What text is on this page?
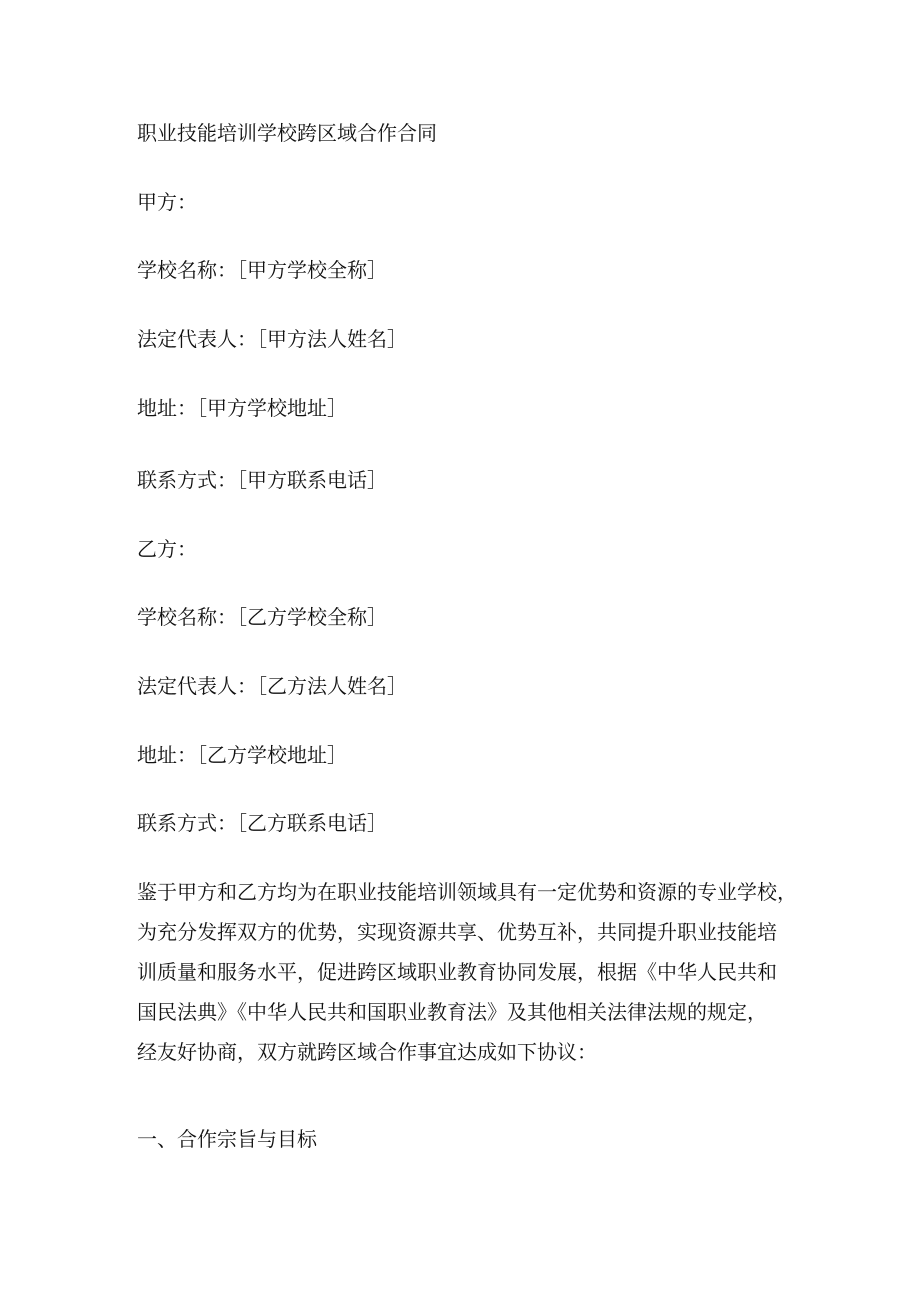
职业技能培训学校跨区域合作合同
甲方：
学校名称：［甲方学校全称］
法定代表人：［甲方法人姓名］
地址：［甲方学校地址］
联系方式：［甲方联系电话］
乙方：
学校名称：［乙方学校全称］
法定代表人：［乙方法人姓名］
地址：［乙方学校地址］
联系方式：［乙方联系电话］
鉴于甲方和乙方均为在职业技能培训领域具有一定优势和资源的专业学校，
为充分发挥双方的优势，实现资源共享、优势互补，共同提升职业技能培
训质量和服务水平，促进跨区域职业教育协同发展，根据《中华人民共和
国民法典》《中华人民共和国职业教育法》及其他相关法律法规的规定，
经友好协商，双方就跨区域合作事宜达成如下协议：
一、合作宗旨与目标
